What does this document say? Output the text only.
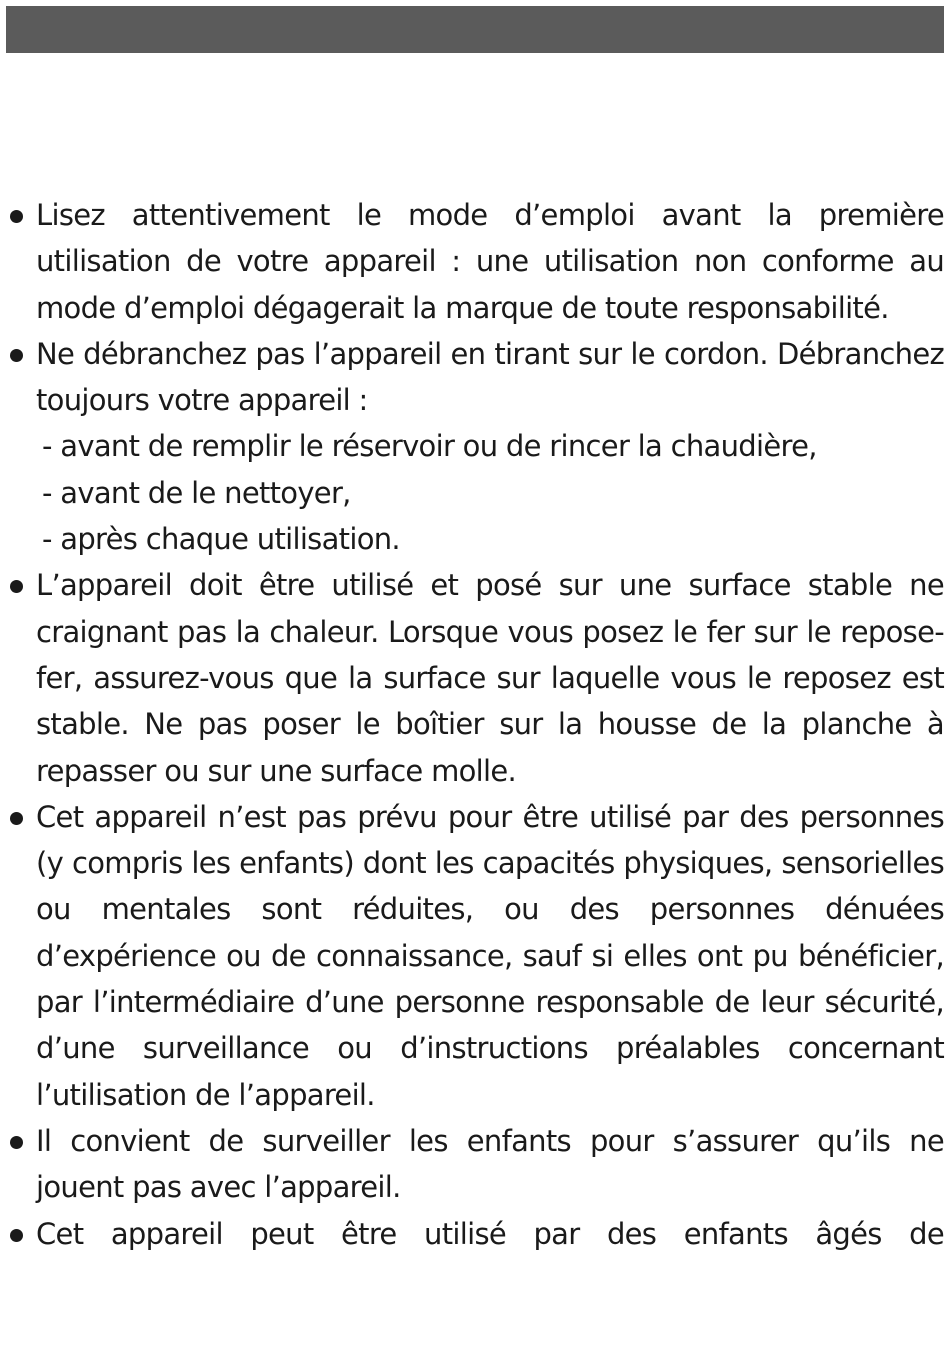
Lisez attentivement le mode d’emploi avant la première utilisation de votre appareil : une utilisation non conforme au mode d’emploi dégagerait la marque de toute responsabilité.
Ne débranchez pas l’appareil en tirant sur le cordon. Débranchez toujours votre appareil :
- avant de remplir le réservoir ou de rincer la chaudière,
- avant de le nettoyer,
- après chaque utilisation.
L’appareil doit être utilisé et posé sur une surface stable ne craignant pas la chaleur. Lorsque vous posez le fer sur le repose-fer, assurez-vous que la surface sur laquelle vous le reposez est stable. Ne pas poser le boîtier sur la housse de la planche à repasser ou sur une surface molle.
Cet appareil n’est pas prévu pour être utilisé par des personnes (y compris les enfants) dont les capacités physiques, sensorielles ou mentales sont réduites, ou des personnes dénuées d’expérience ou de connaissance, sauf si elles ont pu bénéficier, par l’intermédiaire d’une personne responsable de leur sécurité, d’une surveillance ou d’instructions préalables concernant l’utilisation de l’appareil.
Il convient de surveiller les enfants pour s’assurer qu’ils ne jouent pas avec l’appareil.
Cet appareil peut être utilisé par des enfants âgés de
